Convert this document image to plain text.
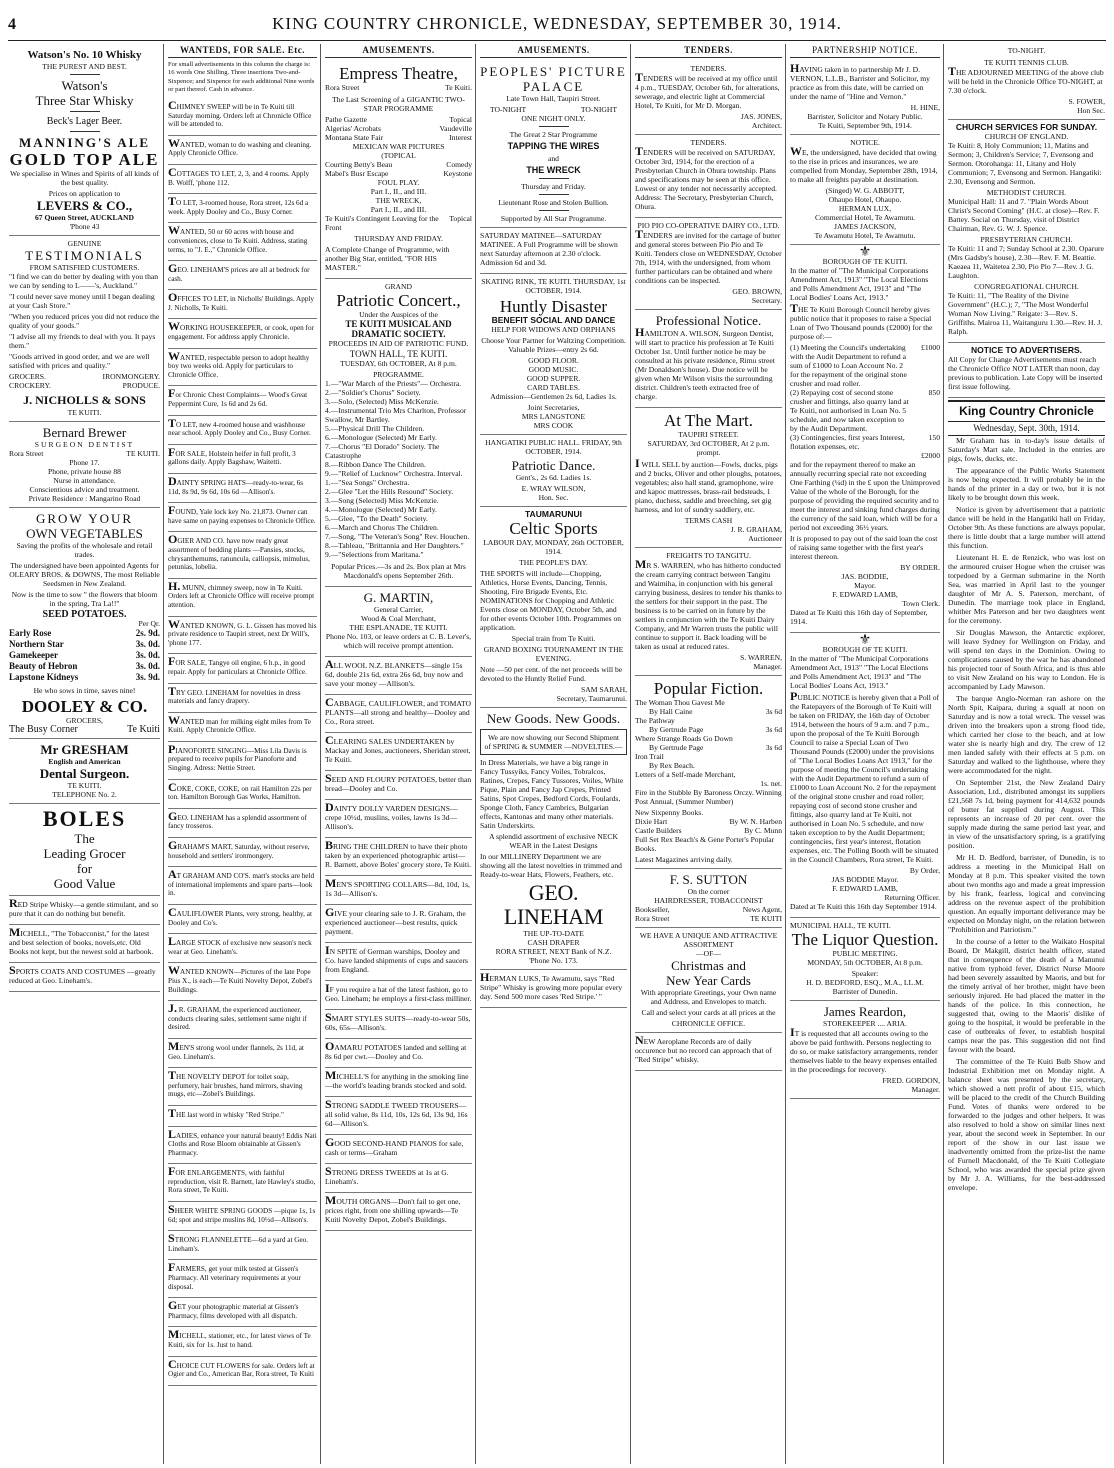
4	KING COUNTRY CHRONICLE, WEDNESDAY, SEPTEMBER 30, 1914.
Watson's No. 10 Whisky
THE PUREST AND BEST.
Watson's
Three Star Whisky
Beck's Lager Beer.
MANNING'S ALE
GOLD TOP ALE

We specialise in Wines and Spirits of all kinds of the best quality.

Prices on application to
LEVERS & CO.,
67 Queen Street, AUCKLAND
'Phone 43
GENUINE
TESTIMONIALS
FROM SATISFIED CUSTOMERS.

"I find we can do better by dealing with you than we can by sending to L——'s, Auckland."

"I could never save money until I began dealing at your Cash Store."

"When you reduced prices you did not reduce the quality of your goods."

"I advise all my friends to deal with you. It pays them."

"Goods arrived in good order, and we are well satisfied with prices and quality."

GROCERS.	IRONMONGERY.
CROCKERY.	PRODUCE.
J. NICHOLLS & SONS
TE KUITI.
Bernard Brewer
SURGEON DENTIST
Rora Street	TE KUITI.
Phone 17.
Phone, private house 88
Nurse in attendance.
Conscientious advice and treatment.
Private Residence : Mangarino Road
GROW YOUR
OWN VEGETABLES

Saving the profits of the wholesale and retail trades.

The undersigned have been appointed Agents for OLEARY BROS. & DOWNS, The most Reliable Seedsmen in New Zealand.

Now is the time to sow " the flowers that bloom in the spring, Tra La!!"

SEED POTATOES.
Per Qr.
Early Rose	2s. 9d.
Northern Star	3s. 0d.
Gamekeeper	3s. 0d.
Beauty of Hebron	3s. 0d.
Lapstone Kidneys	3s. 9d.

He who sows in time, saves nine!

DOOLEY & CO.
GROCERS,
The Busy Corner	Te Kuiti
Mr GRESHAM
English and American
Dental Surgeon.
TE KUITI.
TELEPHONE No. 2.
BOLES
The
Leading Grocer
for
Good Value

RED Stripe Whisky—a gentle stimulant, and so pure that it can do nothing but benefit.

MICHELL, "The Tobacconist," for the latest and best selection of books, novels,etc. Old Books not kept, but the newest sold at barbook.

SPORTS COATS AND COSTUMES —greatly reduced at Geo. Lineham's.

WANTEDS, FOR SALE. Etc.

For small advertisements in this column the charge is: 16 words One Shilling. Three insertions Two-and-Sixpence; and Sixpence for each additional Nine words or part thereof. Cash in advance.

CHIMNEY SWEEP will be in Te Kuiti till Saturday morning. Orders left at Chronicle Office will be attended to.

WANTED, woman to do washing and cleaning. Apply Chronicle Office.

COTTAGES TO LET, 2, 3, and 4 rooms. Apply B. Wolff, 'phone 112.

TO LET, 3-roomed house, Rora street, 12s 6d a week. Apply Dooley and Co., Busy Corner.

WANTED, 50 or 60 acres with house and conveniences, close to Te Kuiti. Address, stating terms, to "J. E.," Chronicle Office.

GEO. LINEHAM'S prices are all at bedrock for cash.

OFFICES TO LET, in Nicholls' Buildings. Apply J. Nicholls, Te Kuiti.

WORKING HOUSEKEEPER, or cook, open for engagement. For address apply Chronicle.

WANTED, respectable person to adopt healthy boy two weeks old. Apply for particulars to Chronicle Office.

For Chronic Chest Complaints— Wood's Great Peppermint Cure, 1s 6d and 2s 6d.

TO LET, new 4-roomed house and washhouse near school. Apply Dooley and Co., Busy Corner.

FOR SALE, Holstein heifer in full profit, 3 gallons daily. Apply Bagshaw, Waitetti.

DAINTY SPRING HATS—ready-to-wear, 6s 11d, 8s 9d, 9s 6d, 10s 6d —Allison's.

FOUND, Yale lock key No. 21,873. Owner can have same on paying expenses to Chronicle Office.

OGIER AND CO. have now ready great assortment of bedding plants —Pansies, stocks, chrysanthemums, ranuncula, calliopsis, mimulus, petunias, lobelia.

H. MUNN, chimney sweep, now in Te Kuiti. Orders left at Chronicle Office will receive prompt attention.

WANTED KNOWN, G. L. Gissen has moved his private residence to Taupiri street, next Dr Will's, 'phone 177.

FOR SALE, Tangye oil engine, 6 h.p., in good repair. Apply for particulars at Chronicle Office.

TRY GEO. LINEHAM for novelties in dress materials and fancy drapery.

WANTED man for milking eight miles from Te Kuiti. Apply Chronicle Office.

PIANOFORTE SINGING—Miss Lila Davis is prepared to receive pupils for Pianoforte and Singing. Adress: Nettie Street.

COKE, COKE, COKE, on rail Hamilton 22s per ton. Hamilton Borough Gas Works, Hamilton.

GEO. LINEHAM has a splendid assortment of fancy trosseros.

GRAHAM'S MART, Saturday, without reserve, household and settlers' ironmongery.

AT GRAHAM AND CO'S. mart's stocks are held of international implements and spare parts—look in.

CAULIFLOWER Plants, very strong, healthy, at Dooley and Co's.

LARGE STOCK of exclusive new season's neck wear at Geo. Lineham's.

WANTED KNOWN—Pictures of the late Pope Pius X., is each—Te Kuiti Novelty Depot, Zobel's Buildings.

J. R. GRAHAM, the experienced auctioneer, conducts clearing sales, settlement same night if desired.

MEN'S strong wool under flannels, 2s 11d, at Geo. Lineham's.

THE NOVELTY DEPOT for toilet soap, perfumery, hair brushes, hand mirrors, shaving mugs, etc—Zobel's Buildings.

THE last word in whisky "Red Stripe."

LADIES, enhance your natural beauty! Eddis Nati Cloths and Rose Bloom obtainable at Gissen's Pharmacy.

FOR ENLARGEMENTS, with faithful reproduction, visit R. Barnett, late Hawley's studio, Rora street, Te Kuiti.

SHEER WHITE SPRING GOODS —pique 1s, 1s 6d; spot and stripe muslins 8d, 10½d—Allison's.

STRONG FLANNELETTE—6d a yard at Geo. Lineham's.

FARMERS, get your milk tested at Gissen's Pharmacy. All veterinary requirements at your disposal.

GET your photographic material at Gissen's Pharmacy, films developed with all dispatch.

MICHELL, stationer, etc., for latest views of Te Kuiti, six for 1s. Just to hand.

CHOICE CUT FLOWERS for sale. Orders left at Ogier and Co., American Bar, Rora street, Te Kuiti

AMUSEMENTS.
Empress Theatre,
Rora Street	Te Kuiti.

The Last Screening of a GIGANTIC TWO-STAR PROGRAMME

Pathe Gazette	Topical
Algerias' Acrobats	Vaudeville
Montana State Fair	Interest
MEXICAN WAR PICTURES
(TOPICAL
Courting Betty's Beau	Comedy
Mabel's Busr Escape	Keystone
FOUL PLAY.
Part I., II., and III.
THE WRECK,
Part I., II., and III.
Te Kuiti's Contingent Leaving for the Front
Topical
THURSDAY AND FRIDAY.

A Complete Change of Programme, with another Big Star, entitled, "FOR HIS MASTER."

GRAND
Patriotic Concert.,
Under the Auspices of the
TE KUITI MUSICAL AND DRAMATIC SOCIETY.

PROCEEDS IN AID OF PATRIOTIC FUND.

TOWN HALL, TE KUITI.

TUESDAY, 6th OCTOBER, At 8 p.m.

PROGRAMME.
1.—"War March of the Priests"— Orchestra.
2.—"Soldier's Chorus" Society.
3.—Solo, (Selected) Miss McKenzie.
4.—Instrumental Trio Mrs Charlton, Professor Swallow, Mr Bartley.
5.—Physical Drill The Children.
6.—Monologue (Selected) Mr Early.
7.—Chorus "El Dorado" Society. The Catastrophe
8.—Ribbon Dance The Children.
9.—"Relief of Lucknow" Orchestra. Interval.
1.—"Sea Songs" Orchestra.
2.—Glee "Let the Hills Resound" Society.
3.—Song (Selected) Miss McKenzie.
4.—Monologue (Selected) Mr Early.
5.—Glee, "To the Death" Society.
6.—March and Chorus The Children.
7.—Song, "The Veteran's Song" Rev. Houchen.
8.—Tableau, "Brittannia and Her Daughters."
9.—"Selections from Maritana."

Popular Prices.—3s and 2s. Box plan at Mrs Macdonald's opens September 26th.

G. MARTIN,
General Carrier,
Wood & Coal Merchant,
THE ESPLANADE, TE KUITI.

Phone No. 103, or leave orders at C. B. Lever's, which will receive prompt attention.

ALL WOOL N.Z. BLANKETS—single 15s 6d, double 21s 6d, extra 26s 6d, buy now and save your money —Allison's.

CABBAGE, CAULIFLOWER, and TOMATO PLANTS—all strong and healthy—Dooley and Co., Rora street.

CLEARING SALES UNDERTAKEN by Mackay and Jones, auctioneers, Sheridan street, Te Kuiti.

SEED AND FLOURY POTATOES, better than bread—Dooley and Co.

DAINTY DOLLY VARDEN DESIGNS—crepe 10½d, muslins, voiles, lawns 1s 3d—Allison's.

BRING THE CHILDREN to have their photo taken by an experienced photographic artist—R. Barnett, above Boles' grocery store, Te Kuiti.

MEN'S SPORTING COLLARS—8d, 10d, 1s, 1s 3d—Allison's.

GIVE your clearing sale to J. R. Graham, the experienced auctioneer—best results, quick payment.

IN SPITE of German warships, Dooley and Co. have landed shipments of cups and saucers from England.

IF you require a hat of the latest fashion, go to Geo. Lineham; he employs a first-class milliner.

SMART STYLES SUITS—ready-to-wear 50s, 60s, 65s—Allison's.

OAMARU POTATOES landed and selling at 8s 6d per cwt.—Dooley and Co.

MICHELL'S for anything in the smoking line—the world's leading brands stocked and sold.

STRONG SADDLE TWEED TROUSERS—all solid value, 8s 11d, 10s, 12s 6d, 13s 9d, 16s 6d—Allison's.

GOOD SECOND-HAND PIANOS for sale, cash or terms—Graham

STRONG DRESS TWEEDS at 1s at G. Lineham's.

MOUTH ORGANS—Don't fail to get one, prices right, from one shilling upwards—Te Kuiti Novelty Depot, Zobel's Buildings.

AMUSEMENTS.
PEOPLES' PICTURE PALACE

Late Town Hall, Taupiri Street.

TO-NIGHT	TO-NIGHT
ONE NIGHT ONLY.
The Great 2 Star Programme
TAPPING THE WIRES
and
THE WRECK
Thursday and Friday.
Lieutenant Rose and Stolen Bullion.
Supported by All Star Programme.

SATURDAY MATINEE—SATURDAY MATINEE. A Full Programme will be shown next Saturday afternoon at 2.30 o'clock. Admission 6d and 3d.

SKATING RINK, TE KUITI. THURSDAY, 1st OCTOBER, 1914.

Huntly Disaster
BENEFIT SOCIAL AND DANCE

HELP FOR WIDOWS AND ORPHANS

Choose Your Partner for Waltzing Competition. Valuable Prizes—entry 2s 6d.

GOOD FLOOR.
GOOD MUSIC.
GOOD SUPPER.
CARD TABLES.

Admission—Gentlemen 2s 6d, Ladies 1s.

Joint Secretaries,
MRS LANGSTONE
MRS COOK

HANGATIKI PUBLIC HALL. FRIDAY, 9th OCTOBER, 1914.

Patriotic Dance.

Gent's., 2s 6d. Ladies 1s.

E. WRAY WILSON,
Hon. Sec.
TAUMARUNUI
Celtic Sports

LABOUR DAY, MONDAY, 26th OCTOBER, 1914.

THE PEOPLE'S DAY.

THE SPORTS will include—Chopping, Athletics, Horse Events, Dancing, Tennis, Shooting, Fire Brigade Events, Etc. NOMINATIONS for Chopping and Athletic Events close on MONDAY, October 5th, and for other events October 10th. Programmes on application.

Special train from Te Kuiti.

GRAND BOXING TOURNAMENT IN THE EVENING.

Note —50 per cent. of the net proceeds will be devoted to the Huntly Relief Fund.

SAM SARAH,
Secretary, Taumarunui.
New Goods. New Goods.
We are now showing our Second Shipment of SPRING & SUMMER —NOVELTIES.—

In Dress Materials, we have a big range in Fancy Tussyiks, Fancy Voiles, Tobralcos, Ratines, Crepes, Fancy Tussores, Voiles, White Pique, Plain and Fancy Jap Crepes, Printed Satins, Spot Crepes, Bedford Cords, Foulards, Sponge Cloth, Fancy Cambrics, Bulgarian effects, Kantonas and many other materials. Satin Underskirts.

A splendid assortment of exclusive NECK WEAR in the Latest Designs

In our MILLINERY Department we are showing all the latest novelties in trimmed and Ready-to-wear Hats, Flowers, Feathers, etc.

GEO. LINEHAM
THE UP-TO-DATE
CASH DRAPER
RORA STREET, NEXT Bank of N.Z.
'Phone No. 173.

HERMAN LUKS, Te Awamutu, says "Red Stripe" Whisky is growing more popular every day. Send 500 more cases 'Red Stripe.' "

TENDERS.
TENDERS.

TENDERS will be received at my office until 4 p.m., TUESDAY, October 6th, for alterations, sewerage, and electric light at Commercial Hotel, Te Kuiti, for Mr D. Morgan.

JAS. JONES,
Architect.
TENDERS.

TENDERS will be received on SATURDAY, October 3rd, 1914, for the erection of a Presbyterian Church in Ohura township. Plans and specifications may be seen at this office. Lowest or any tender not necessarily accepted. Address: The Secretary, Presbyterian Church, Ohura.

PIO PIO CO-OPERATIVE DAIRY CO., LTD.

TENDERS are invited for the cartage of butter and general stores between Pio Pio and Te Kuiti. Tenders close on WEDNESDAY, October 7th, 1914, with the undersigned, from whom further particulars can be obtained and where conditions can be inspected.

GEO. BROWN,
Secretary.
Professional Notice.

HAMILTON A. WILSON, Surgeon Dentist, will start to practice his profession at Te Kuiti October 1st. Until further notice he may be consulted at his private residence, Rimu street (Mr Donaldson's house). Due notice will be given when Mr Wilson visits the surrounding district. Children's teeth extracted free of charge.

At The Mart.
TAUPIRI STREET.

SATURDAY, 3rd OCTOBER, At 2 p.m. prompt.

I WILL SELL by auction—Fowls, ducks, pigs and 2 bucks, Oliver and other ploughs, potatoes, vegetables; also hall stand, gramophone, wire and kapoc mattresses, brass-rail bedsteads, 1 piano, duchess, saddle and breeching, set gig harness, and lot of sundry saddlery, etc.

TERMS CASH
J. R. GRAHAM,
Auctioneer
FREIGHTS TO TANGITU.

MR S. WARREN, who has hitherto conducted the cream carrying contract between Tangitu and Waimiha, in conjunction with his general carrying business, desires to tender his thanks to the settlers for their support in the past. The business is to be carried on in future by the settlers in conjunction with the Te Kuiti Dairy Company, and Mr Warren trusts the public will continue to support it. Back loading will be taken as usual at reduced rates.

S. WARREN,
Manager.
Popular Fiction.
The Woman Thou Gavest Me
By Hall Caine	3s 6d
The Pathway
By Gertrude Page	3s 6d
Where Strange Roads Go Down
By Gertrude Page	3s 6d
Iron Trail
By Rex Beach.
Letters of a Self-made Merchant,
1s. net.

Fire in the Stubble By Baroness Orczy. Winning Post Annual, (Summer Number)

New Sixpenny Books.
Dixie Hart	By W. N. Harben
Castle Builders	By C. Munn

Full Set Rex Beach's & Gene Porter's Popular Books.

Latest Magazines arriving daily.
F. S. SUTTON
On the corner
HAIRDRESSER, TOBACCONIST
Bookseller,	News Agent,
Rora Street	TE KUITI
WE HAVE A UNIQUE AND ATTRACTIVE ASSORTMENT
—OF—
Christmas and
New Year Cards

With appropriate Greetings, your Own name and Address, and Envelopes to match.

Call and select your cards at all prices at the

CHRONICLE OFFICE.

NEW Aeroplane Records are of daily occurence but no record can approach that of "Red Stripe" whisky.

PARTNERSHIP NOTICE.

HAVING taken in to partnership Mr J. D. VERNON, L.L.B., Barrister and Solicitor, my practice as from this date, will be carried on under the name of "Hine and Vernon."

H. HINE,
Barrister, Solicitor and Notary Public.
Te Kuiti, September 9th, 1914.
NOTICE.

WE, the undersigned, have decided that owing to the rise in prices and insurances, we are compelled from Monday, September 28th, 1914, to make all freights payable at destination.

(Singed) W. G. ABBOTT,
Ohaupo Hotel, Ohaupo.
HERMAN LUX,
Commercial Hotel, Te Awamutu.
JAMES JACKSON,
Te Awamutu Hotel, Te Awamutu.
⚜
BOROUGH OF TE KUITI.

In the matter of "The Municipal Corporations Amendment Act, 1913" "The Local Elections and Polls Amendment Act, 1913" and "The Local Bodies' Loans Act, 1913."

THE Te Kuiti Borough Council hereby gives public notice that it proposes to raise a Special Loan of Two Thousand pounds (£2000) for the purpose of:—

(1) Meeting the Council's undertaking with the Audit Department to refund a sum of £1000 to Loan Account No. 2 for the repayment of the original stone crusher and road roller.
£1000
(2) Repaying cost of second stone crusher and fittings, also quarry land at Te Kuiti, not authorised in Loan No. 5 schedule, and now taken exception to by the Audit Department.
850
(3) Contingencies, first years Interest, flotation expenses, etc.
150
£2000

and for the repayment thereof to make an annually recurring special rate not exceeding One Farthing (¼d) in the £ upon the Unimproved Value of the whole of the Borough, for the purpose of providing the required security and to meet the interest and sinking fund charges during the currency of the said loan, which will be for a period not exceeding 36½ years.

It is proposed to pay out of the said loan the cost of raising same together with the first year's interest thereon.

BY ORDER.
JAS. BODDIE,
Mayor.
F. EDWARD LAMB,
Town Clerk.

Dated at Te Kuiti this 16th day of September, 1914.

⚜
BOROUGH OF TE KUITI.

In the matter of "The Municipal Corporations Amendment Act, 1913" "The Local Elections and Polls Amendment Act, 1913" and "The Local Bodies' Loans Act, 1913."

PUBLIC NOTICE is hereby given that a Poll of the Ratepayers of the Borough of Te Kuiti will be taken on FRIDAY, the 16th day of October 1914, between the hours of 9 a.m. and 7 p.m., upon the proposal of the Te Kuiti Borough Council to raise a Special Loan of Two Thousand Pounds (£2000) under the provisions of "The Local Bodies Loans Act 1913," for the purpose of meeting the Council's undertaking with the Audit Department to refund a sum of £1000 to Loan Account No. 2 for the repayment of the original stone crusher and road roller; repaying cost of second stone crusher and fittings, also quarry land at Te Kuiti, not authorised in Loan No. 5 schedule, and now taken exception to by the Audit Department; contingencies, first year's interest, flotation expenses, etc. The Polling Booth will be situated in the Council Chambers, Rora street, Te Kuiti.

By Order,
JAS BODDIE Mayor.
F. EDWARD LAMB,
Returning Officer.

Dated at Te Kuiti this 16th day September 1914.

MUNICIPAL HALL, TE KUITI.
The Liquor Question.
PUBLIC MEETING.

MONDAY, 5th OCTOBER, At 8 p.m.

Speaker:
H. D. BEDFORD, ESQ., M.A., LL.M.
Barrister of Dunedin.
James Reardon,
STOREKEEPER .... ARIA.

IT is requested that all accounts owing to the above be paid forthwith. Persons neglecting to do so, or make satisfactory arrangements, render themselves liable to the heavy expenses entailed in the proceedings for recovery.

FRED. GORDON,
Manager.
TO-NIGHT.
TE KUITI TENNIS CLUB.

THE ADJOURNED MEETING of the above club will be held in the Chronicle Office TO-NIGHT, at 7.30 o'clock.

S. FOWER,
Hon Sec.
CHURCH SERVICES FOR SUNDAY.
CHURCH OF ENGLAND.

Te Kuiti: 8, Holy Communion; 11, Matins and Sermon; 3, Children's Service; 7, Evensong and Sermon. Otorohanga: 11, Litany and Holy Communion; 7, Evensong and Sermon. Hangatiki: 2.30, Evensong and Sermon.

METHODIST CHURCH.

Municipal Hall: 11 and 7. "Plain Words About Christ's Second Coming" (H.C. at close)—Rev. F. Battey. Social on Thursday, visit of District Chairman, Rev. G. W. J. Spence.

PRESBYTERIAN CHURCH.

Te Kuiti: 11 and 7; Sunday School at 2.30. Oparure (Mrs Gadsby's house), 2.30—Rev. F. M. Beattie. Kaeaea 11, Waitetea 2.30, Pio Pio 7—Rev. J. G. Laughton.

CONGREGATIONAL CHURCH.

Te Kuiti: 11, "The Reality of the Divine Government" (H.C.); 7, "The Most Wonderful Woman Now Living." Reigate: 3—Rev. S. Griffiths. Mairoa 11, Waitanguru 1.30.—Rev. H. J. Ralph.

NOTICE TO ADVERTISERS.

All Copy for Change Advertisements must reach the Chronicle Office NOT LATER than noon, day previous to publication. Late Copy will be inserted first issue following.

King Country Chronicle
Wednesday, Sept. 30th, 1914.

Mr Graham has in to-day's issue details of Saturday's Mart sale. Included in the entries are pigs, fowls, ducks, etc.

The appearance of the Public Works Statement is now being expected. It will probably be in the hands of the printer in a day or two, but it is not likely to be brought down this week.

Notice is given by advertisement that a patriotic dance will be held in the Hangatiki hall on Friday, October 9th. As these functions are always popular, there is little doubt that a large number will attend this function.

Lieutenant H. E. de Renzick, who was lost on the armoured cruiser Hogue when the cruiser was torpedoed by a German submarine in the North Sea, was married in April last to the younger daughter of Mr A. S. Paterson, merchant, of Dunedin. The marriage took place in England, whither Mrs Paterson and her two daughters went for the ceremony.

Sir Douglas Mawson, the Antarctic explorer, will leave Sydney for Wellington on Friday, and will spend ten days in the Dominion. Owing to complications caused by the war he has abandoned his projected tour of South Africa, and is thus able to visit New Zealand on his way to London. He is accompanied by Lady Mawson.

The barque Anglo-Norman ran ashore on the North Spit, Kaipara, during a squall at noon on Saturday and is now a total wreck. The vessel was driven into the breakers upon a strong flood tide, which carried her close to the beach, and at low water she is nearly high and dry. The crew of 12 men landed safely with their effects at 5 p.m. on Saturday and walked to the lighthouse, where they were accommodated for the night.

On September 21st, the New Zealand Dairy Association, Ltd., distributed amongst its suppliers £21,568 7s 1d, being payment for 414,632 pounds of butter fat supplied during August. This represents an increase of 20 per cent. over the supply made during the same period last year, and in view of the unsatisfactory spring, is a gratifying position.

Mr H. D. Bedford, barrister, of Dunedin, is to address a meeting in the Municipal Hall on Monday at 8 p.m. This speaker visited the town about two months ago and made a great impression by his frank, fearless, logical and convincing address on the revenue aspect of the prohibition question. An equally important deliverance may be expected on Monday night, on the relation between "Prohibition and Patriotism."

In the course of a letter to the Waikato Hospital Board, Dr Makgill, district health officer, stated that in consequence of the death of a Manunui native from typhoid fever, District Nurse Moore had been severely assaulted by Maoris, and but for the timely arrival of her brother, might have been seriously injured. He had placed the matter in the hands of the police. In this connection, he suggested that, owing to the Maoris' dislike of going to the hospital, it would be preferable in the case of outbreaks of fever, to establish hospital camps near the pas. This suggestion did not find favour with the board.

The committee of the Te Kuiti Bulb Show and Industrial Exhibition met on Monday night. A balance sheet was presented by the secretary, which showed a nett profit of about £15, which will be placed to the credit of the Church Building Fund. Votes of thanks were ordered to be forwarded to the judges and other helpers. It was also resolved to hold a show on similar lines next year, about the second week in September. In our report of the show in our last issue we inadvertently omitted from the prize-list the name of Furnell Macdonald, of the Te Kuiti Collegiate School, who was awarded the special prize given by Mr J. A. Williams, for the best-addressed envelope.
